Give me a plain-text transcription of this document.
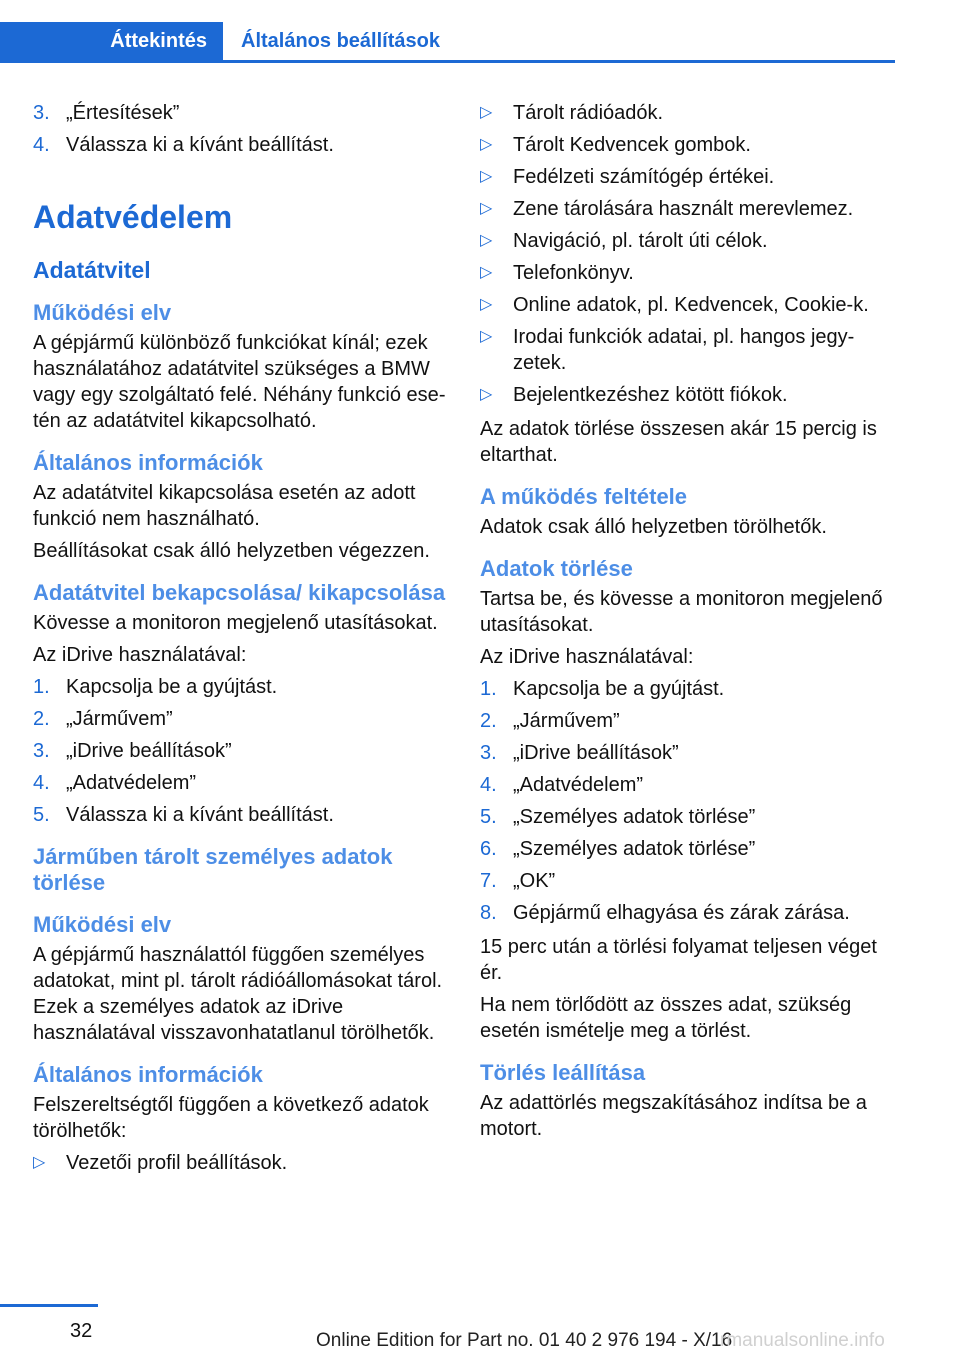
Áttekintés	Általános beállítások
3. „Értesítések”
4. Válassza ki a kívánt beállítást.
Adatvédelem
Adatátvitel
Működési elv

A gépjármű különböző funkciókat kínál; ezek használatához adatátvitel szükséges a BMW vagy egy szolgáltató felé. Néhány funkció esetén az adatátvitel kikapcsolható.

Általános információk

Az adatátvitel kikapcsolása esetén az adott funkció nem használható.

Beállításokat csak álló helyzetben végezzen.

Adatátvitel bekapcsolása/ kikapcsolása

Kövesse a monitoron megjelenő utasításokat.

Az iDrive használatával:

1. Kapcsolja be a gyújtást.
2. „Járművem”
3. „iDrive beállítások”
4. „Adatvédelem”
5. Válassza ki a kívánt beállítást.
Járműben tárolt személyes adatok törlése
Működési elv

A gépjármű használattól függően személyes adatokat, mint pl. tárolt rádióállomásokat tárol. Ezek a személyes adatok az iDrive használatával visszavonhatatlanul törölhetők.

Általános információk

Felszereltségtől függően a következő adatok törölhetők:

▷	Vezetői profil beállítások.
▷	Tárolt rádióadók.
▷	Tárolt Kedvencek gombok.
▷	Fedélzeti számítógép értékei.
▷	Zene tárolására használt merevlemez.
▷	Navigáció, pl. tárolt úti célok.
▷	Telefonkönyv.
▷	Online adatok, pl. Kedvencek, Cookie-k.
▷	Irodai funkciók adatai, pl. hangos jegyzetek.
▷	Bejelentkezéshez kötött fiókok.

Az adatok törlése összesen akár 15 percig is eltarthat.

A működés feltétele

Adatok csak álló helyzetben törölhetők.

Adatok törlése

Tartsa be, és kövesse a monitoron megjelenő utasításokat.

Az iDrive használatával:

1. Kapcsolja be a gyújtást.
2. „Járművem”
3. „iDrive beállítások”
4. „Adatvédelem”
5. „Személyes adatok törlése”
6. „Személyes adatok törlése”
7. „OK”
8. Gépjármű elhagyása és zárak zárása.

15 perc után a törlési folyamat teljesen véget ér.

Ha nem törlődött az összes adat, szükség esetén ismételje meg a törlést.

Törlés leállítása

Az adattörlés megszakításához indítsa be a motort.

32	Online Edition for Part no. 01 40 2 976 194 - X/16
rmanualsonline.info
